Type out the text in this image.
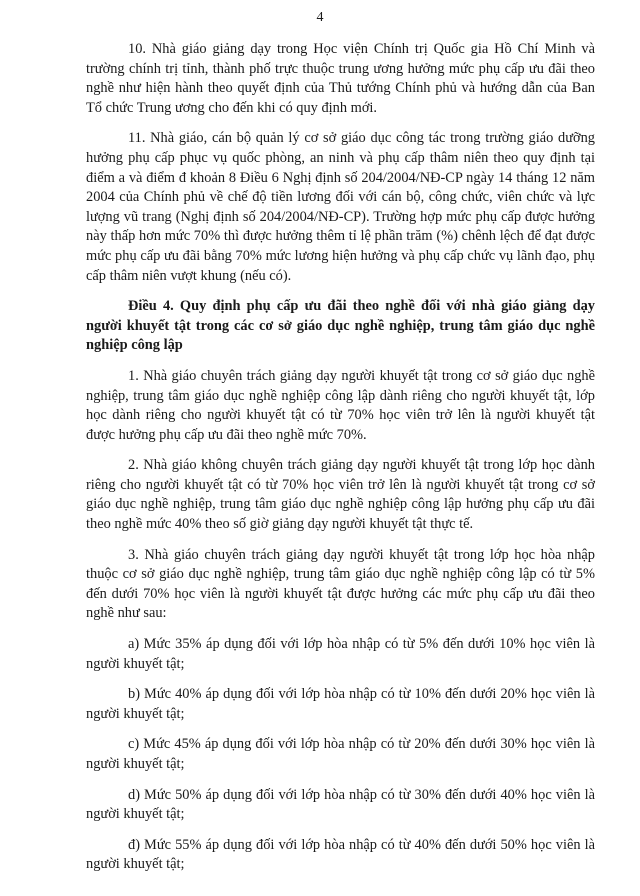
4

10. Nhà giáo giảng dạy trong Học viện Chính trị Quốc gia Hồ Chí Minh và trường chính trị tỉnh, thành phố trực thuộc trung ương hưởng mức phụ cấp ưu đãi theo nghề như hiện hành theo quyết định của Thủ tướng Chính phủ và hướng dẫn của Ban Tổ chức Trung ương cho đến khi có quy định mới.

11. Nhà giáo, cán bộ quản lý cơ sở giáo dục công tác trong trường giáo dưỡng hưởng phụ cấp phục vụ quốc phòng, an ninh và phụ cấp thâm niên theo quy định tại điểm a và điểm đ khoản 8 Điều 6 Nghị định số 204/2004/NĐ-CP ngày 14 tháng 12 năm 2004 của Chính phủ về chế độ tiền lương đối với cán bộ, công chức, viên chức và lực lượng vũ trang (Nghị định số 204/2004/NĐ-CP). Trường hợp mức phụ cấp được hưởng này thấp hơn mức 70% thì được hưởng thêm tỉ lệ phần trăm (%) chênh lệch để đạt được mức phụ cấp ưu đãi bằng 70% mức lương hiện hưởng và phụ cấp chức vụ lãnh đạo, phụ cấp thâm niên vượt khung (nếu có).

Điều 4. Quy định phụ cấp ưu đãi theo nghề đối với nhà giáo giảng dạy người khuyết tật trong các cơ sở giáo dục nghề nghiệp, trung tâm giáo dục nghề nghiệp công lập

1. Nhà giáo chuyên trách giảng dạy người khuyết tật trong cơ sở giáo dục nghề nghiệp, trung tâm giáo dục nghề nghiệp công lập dành riêng cho người khuyết tật, lớp học dành riêng cho người khuyết tật có từ 70% học viên trở lên là người khuyết tật được hưởng phụ cấp ưu đãi theo nghề mức 70%.

2. Nhà giáo không chuyên trách giảng dạy người khuyết tật trong lớp học dành riêng cho người khuyết tật có từ 70% học viên trở lên là người khuyết tật trong cơ sở giáo dục nghề nghiệp, trung tâm giáo dục nghề nghiệp công lập hưởng phụ cấp ưu đãi theo nghề mức 40% theo số giờ giảng dạy người khuyết tật thực tế.

3. Nhà giáo chuyên trách giảng dạy người khuyết tật trong lớp học hòa nhập thuộc cơ sở giáo dục nghề nghiệp, trung tâm giáo dục nghề nghiệp công lập có từ 5% đến dưới 70% học viên là người khuyết tật được hưởng các mức phụ cấp ưu đãi theo nghề như sau:

a) Mức 35% áp dụng đối với lớp hòa nhập có từ 5% đến dưới 10% học viên là người khuyết tật;

b) Mức 40% áp dụng đối với lớp hòa nhập có từ 10% đến dưới 20% học viên là người khuyết tật;

c) Mức 45% áp dụng đối với lớp hòa nhập có từ 20% đến dưới 30% học viên là người khuyết tật;

d) Mức 50% áp dụng đối với lớp hòa nhập có từ 30% đến dưới 40% học viên là người khuyết tật;

đ) Mức 55% áp dụng đối với lớp hòa nhập có từ 40% đến dưới 50% học viên là người khuyết tật;
